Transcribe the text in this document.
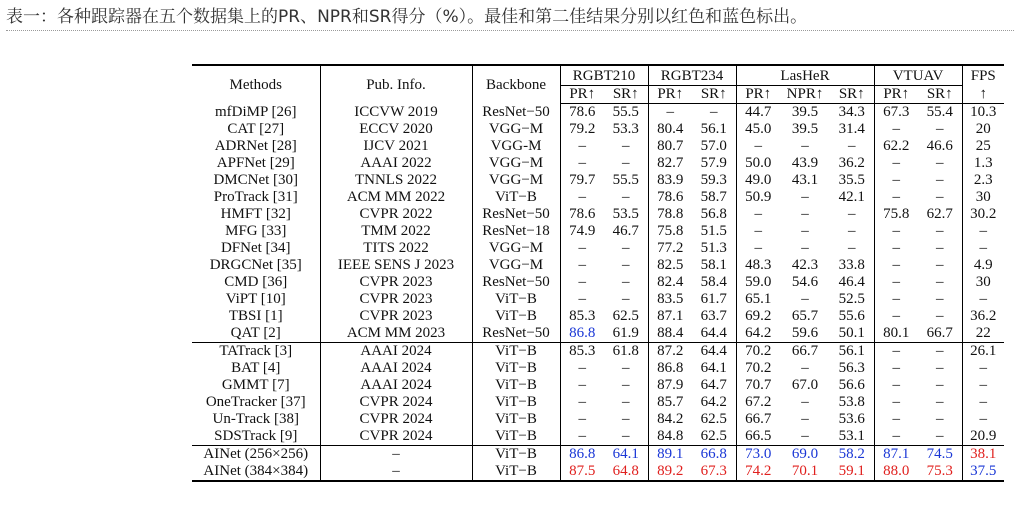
表一：各种跟踪器在五个数据集上的PR、NPR和SR得分（%）。最佳和第二佳结果分别以红色和蓝色标出。
Methods	Pub. Info.	Backbone	RGBT210		RGBT234		LasHeR			VTUAV		FPS
			PR↑	SR↑	PR↑	SR↑	PR↑	NPR↑	SR↑	PR↑	SR↑	↑
mfDiMP [26]	ICCVW 2019	ResNet−50	78.6	55.5	–	–	44.7	39.5	34.3	67.3	55.4	10.3
CAT [27]	ECCV 2020	VGG−M	79.2	53.3	80.4	56.1	45.0	39.5	31.4	–	–	20
ADRNet [28]	IJCV 2021	VGG-M	–	–	80.7	57.0	–	–	–	62.2	46.6	25
APFNet [29]	AAAI 2022	VGG−M	–	–	82.7	57.9	50.0	43.9	36.2	–	–	1.3
DMCNet [30]	TNNLS 2022	VGG−M	79.7	55.5	83.9	59.3	49.0	43.1	35.5	–	–	2.3
ProTrack [31]	ACM MM 2022	ViT−B	–	–	78.6	58.7	50.9	–	42.1	–	–	30
HMFT [32]	CVPR 2022	ResNet−50	78.6	53.5	78.8	56.8	–	–	–	75.8	62.7	30.2
MFG [33]	TMM 2022	ResNet−18	74.9	46.7	75.8	51.5	–	–	–	–	–	–
DFNet [34]	TITS 2022	VGG−M	–	–	77.2	51.3	–	–	–	–	–	–
DRGCNet [35]	IEEE SENS J 2023	VGG−M	–	–	82.5	58.1	48.3	42.3	33.8	–	–	4.9
CMD [36]	CVPR 2023	ResNet−50	–	–	82.4	58.4	59.0	54.6	46.4	–	–	30
ViPT [10]	CVPR 2023	ViT−B	–	–	83.5	61.7	65.1	–	52.5	–	–	–
TBSI [1]	CVPR 2023	ViT−B	85.3	62.5	87.1	63.7	69.2	65.7	55.6	–	–	36.2
QAT [2]	ACM MM 2023	ResNet−50	86.8	61.9	88.4	64.4	64.2	59.6	50.1	80.1	66.7	22
TATrack [3]	AAAI 2024	ViT−B	85.3	61.8	87.2	64.4	70.2	66.7	56.1	–	–	26.1
BAT [4]	AAAI 2024	ViT−B	–	–	86.8	64.1	70.2	–	56.3	–	–	–
GMMT [7]	AAAI 2024	ViT−B	–	–	87.9	64.7	70.7	67.0	56.6	–	–	–
OneTracker [37]	CVPR 2024	ViT−B	–	–	85.7	64.2	67.2	–	53.8	–	–	–
Un-Track [38]	CVPR 2024	ViT−B	–	–	84.2	62.5	66.7	–	53.6	–	–	–
SDSTrack [9]	CVPR 2024	ViT−B	–	–	84.8	62.5	66.5	–	53.1	–	–	20.9
AINet (256×256)	–	ViT−B	86.8	64.1	89.1	66.8	73.0	69.0	58.2	87.1	74.5	38.1
AINet (384×384)	–	ViT−B	87.5	64.8	89.2	67.3	74.2	70.1	59.1	88.0	75.3	37.5
